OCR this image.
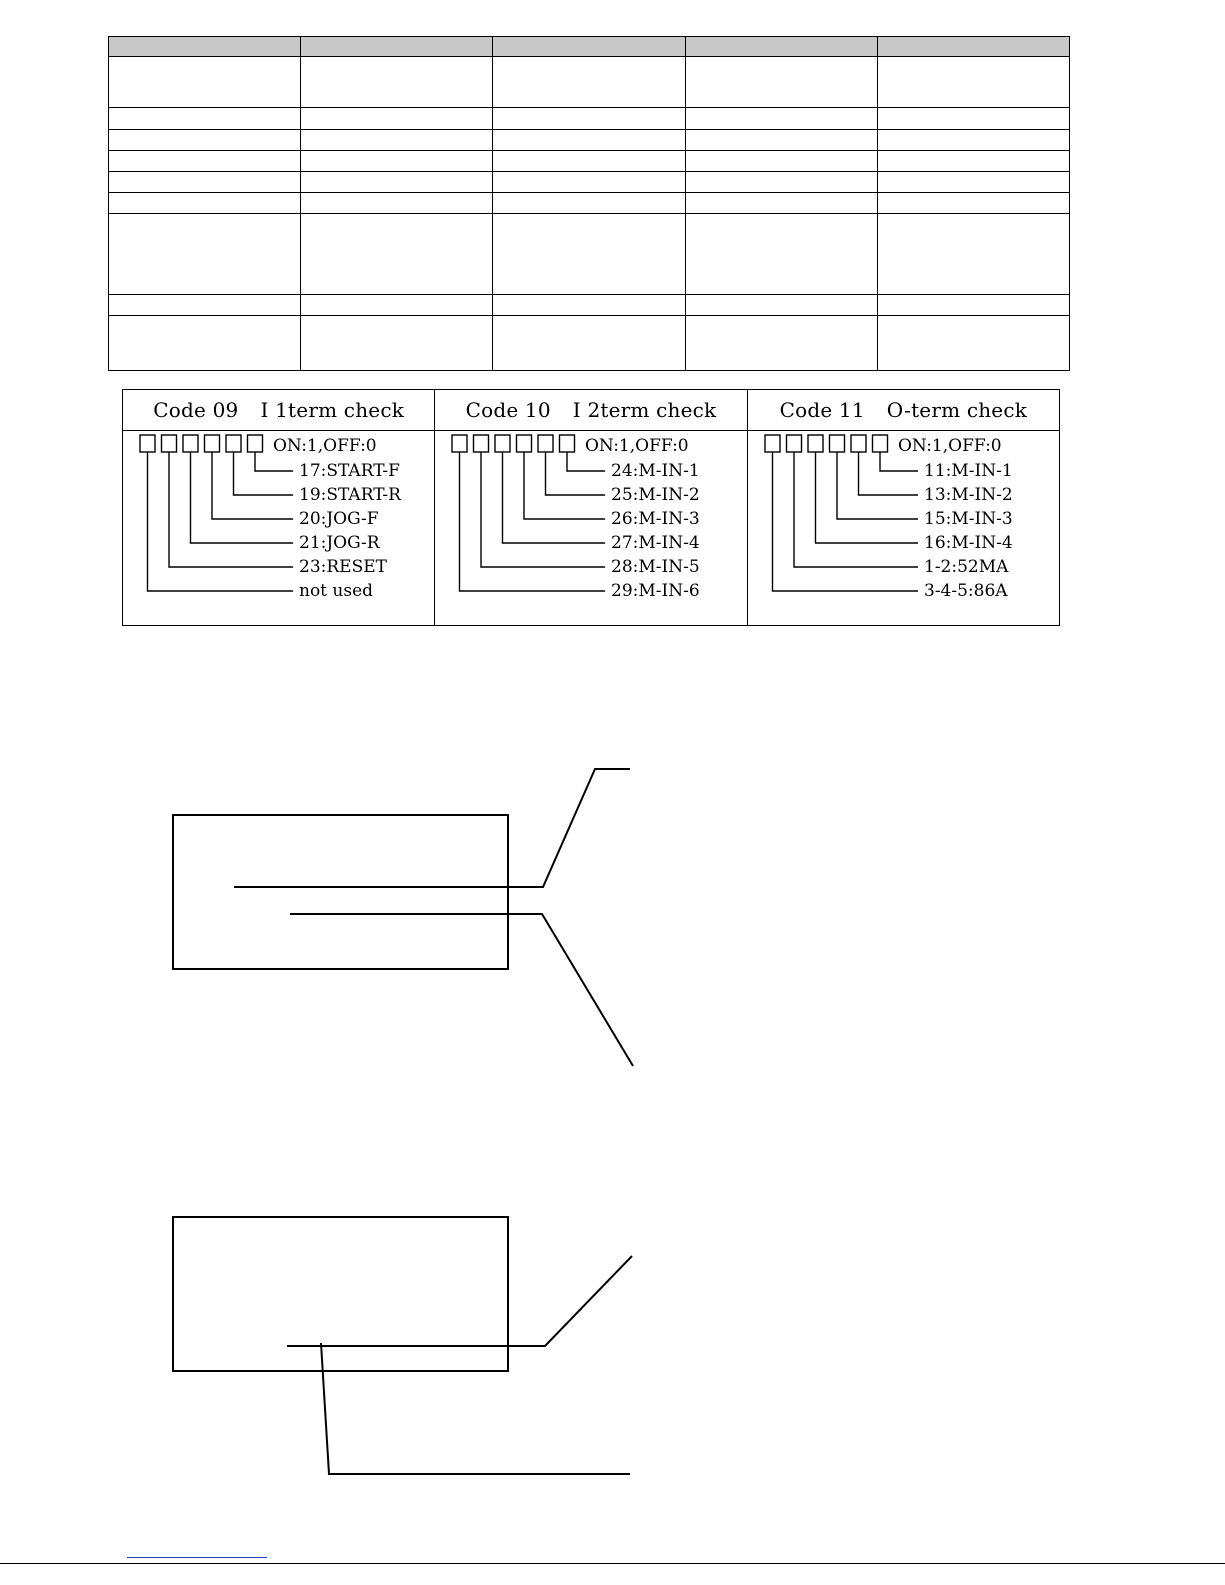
Code 09 I 1term check
ON:1,OFF:0
17:START-F
19:START-R
20:JOG-F
21:JOG-R
23:RESET
not used
Code 10 I 2term check
ON:1,OFF:0
24:M-IN-1
25:M-IN-2
26:M-IN-3
27:M-IN-4
28:M-IN-5
29:M-IN-6
Code 11 O-term check
ON:1,OFF:0
11:M-IN-1
13:M-IN-2
15:M-IN-3
16:M-IN-4
1-2:52MA
3-4-5:86A
